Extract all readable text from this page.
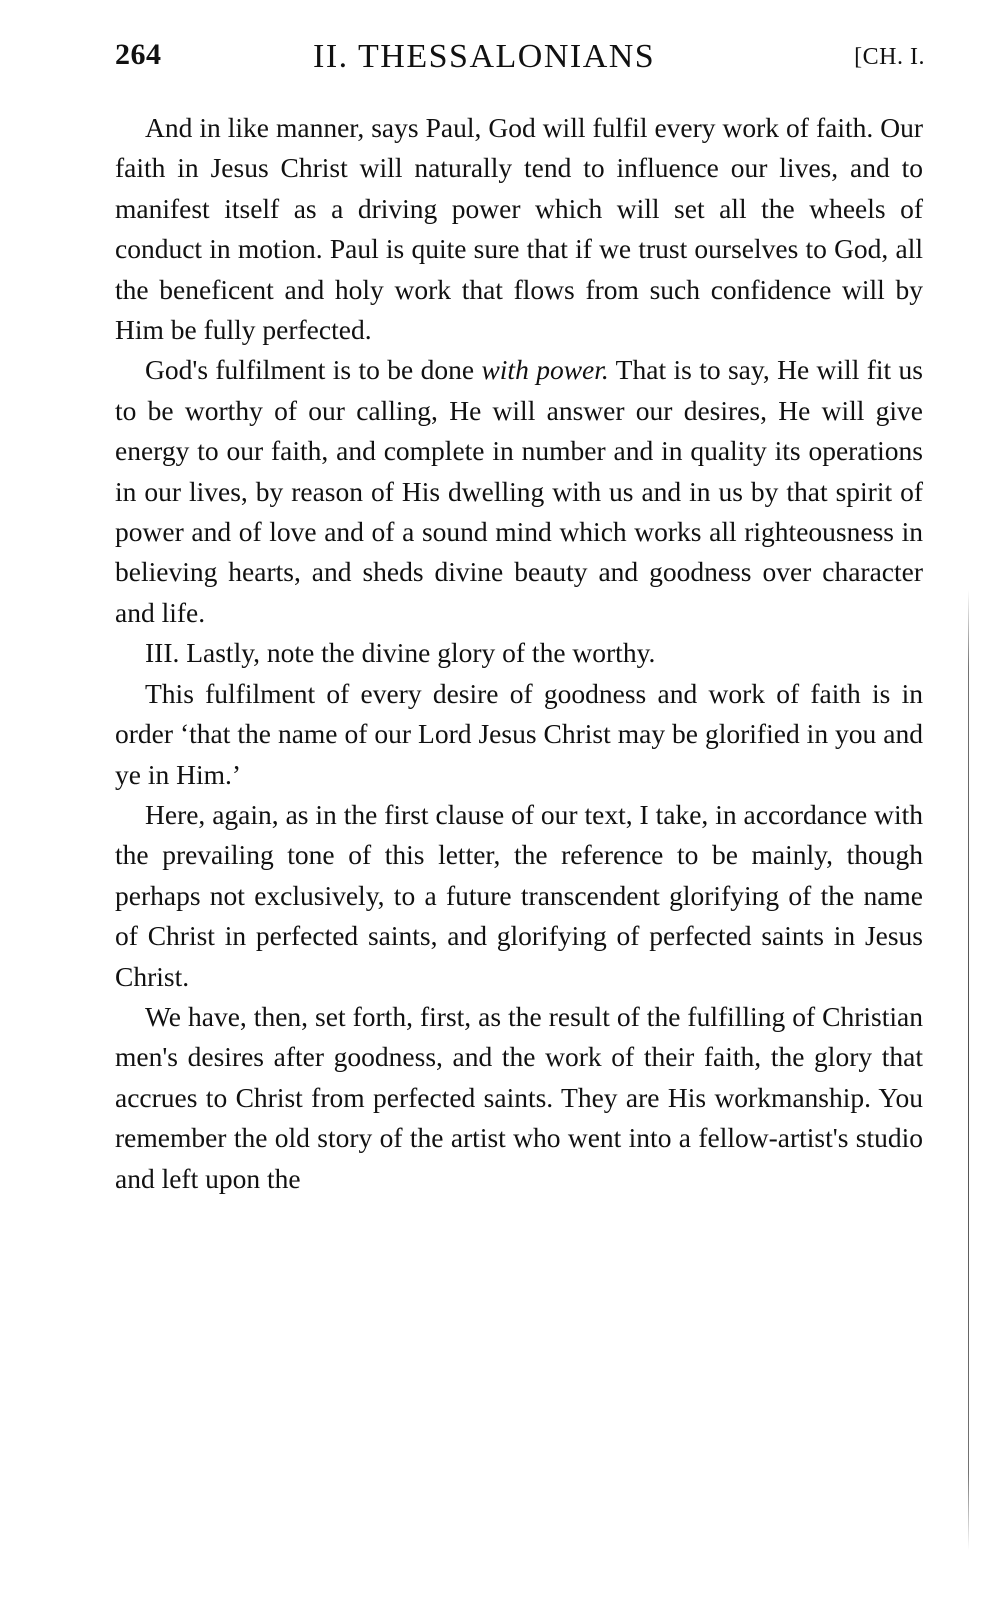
264	II. THESSALONIANS	[CH. I.

And in like manner, says Paul, God will fulfil every work of faith. Our faith in Jesus Christ will naturally tend to influence our lives, and to manifest itself as a driving power which will set all the wheels of conduct in motion. Paul is quite sure that if we trust ourselves to God, all the beneficent and holy work that flows from such confidence will by Him be fully perfected.

God's fulfilment is to be done with power. That is to say, He will fit us to be worthy of our calling, He will answer our desires, He will give energy to our faith, and complete in number and in quality its operations in our lives, by reason of His dwelling with us and in us by that spirit of power and of love and of a sound mind which works all righteousness in believing hearts, and sheds divine beauty and goodness over character and life.

III. Lastly, note the divine glory of the worthy.

This fulfilment of every desire of goodness and work of faith is in order ‘that the name of our Lord Jesus Christ may be glorified in you and ye in Him.’

Here, again, as in the first clause of our text, I take, in accordance with the prevailing tone of this letter, the reference to be mainly, though perhaps not exclusively, to a future transcendent glorifying of the name of Christ in perfected saints, and glorifying of perfected saints in Jesus Christ.

We have, then, set forth, first, as the result of the fulfilling of Christian men's desires after goodness, and the work of their faith, the glory that accrues to Christ from perfected saints. They are His workmanship. You remember the old story of the artist who went into a fellow-artist's studio and left upon the
